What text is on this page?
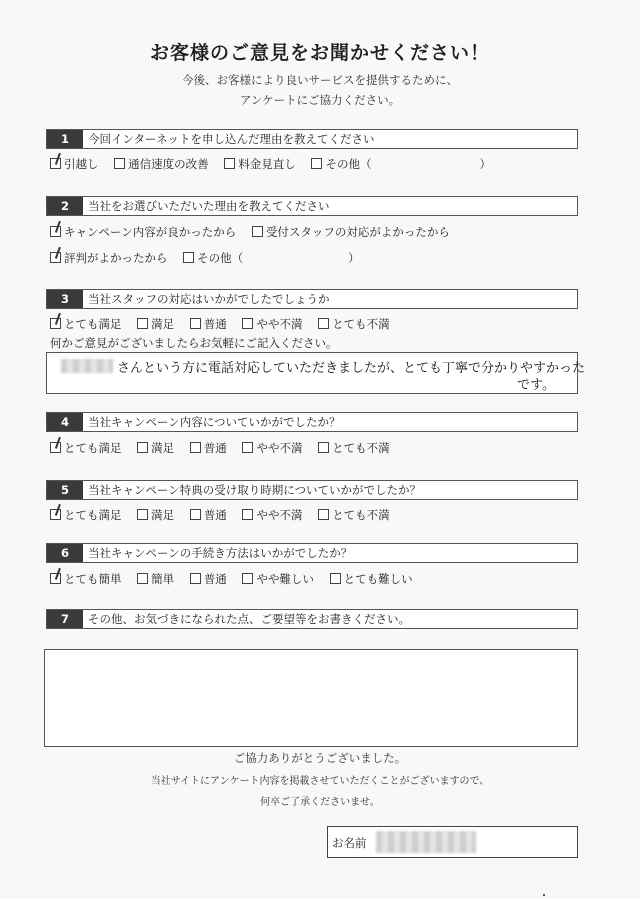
お客様のご意見をお聞かせください！
今後、お客様により良いサービスを提供するために、
アンケートにご協力ください。
1	今回インターネットを申し込んだ理由を教えてください
引越し	通信速度の改善	料金見直し	その他（	）
2	当社をお選びいただいた理由を教えてください
キャンペーン内容が良かったから	受付スタッフの対応がよかったから
評判がよかったから	その他（	）
3	当社スタッフの対応はいかがでしたでしょうか
とても満足	満足	普通	やや不満	とても不満
何かご意見がございましたらお気軽にご記入ください。
さんという方に電話対応していただきましたが、とても丁寧で分かりやすかった
です。
4	当社キャンペーン内容についていかがでしたか？
とても満足	満足	普通	やや不満	とても不満
5	当社キャンペーン特典の受け取り時期についていかがでしたか？
とても満足	満足	普通	やや不満	とても不満
6	当社キャンペーンの手続き方法はいかがでしたか？
とても簡単	簡単	普通	やや難しい	とても難しい
7	その他、お気づきになられた点、ご要望等をお書きください。
ご協力ありがとうございました。
当社サイトにアンケート内容を掲載させていただくことがございますので、
何卒ご了承くださいませ。
お名前
